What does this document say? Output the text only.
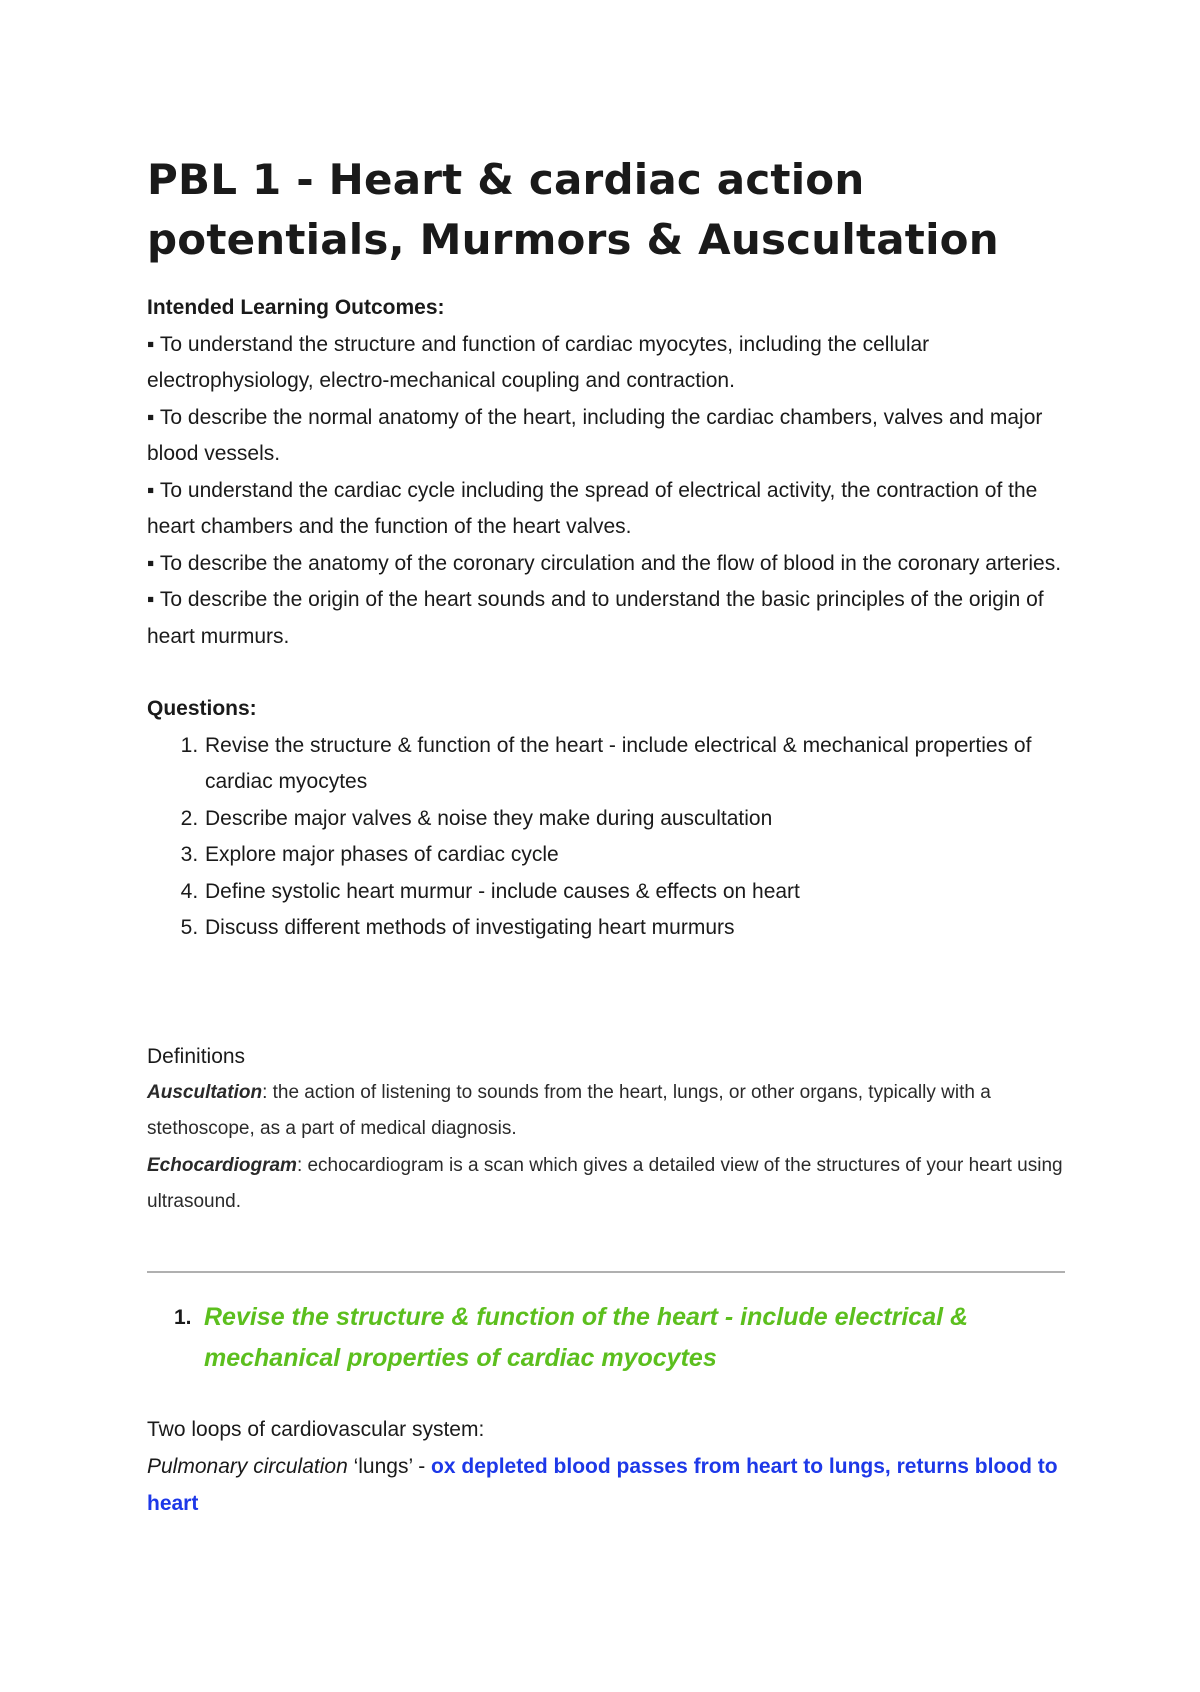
PBL 1 - Heart & cardiac action potentials, Murmors & Auscultation
Intended Learning Outcomes:
▪ To understand the structure and function of cardiac myocytes, including the cellular electrophysiology, electro-mechanical coupling and contraction.
▪ To describe the normal anatomy of the heart, including the cardiac chambers, valves and major blood vessels.
▪ To understand the cardiac cycle including the spread of electrical activity, the contraction of the heart chambers and the function of the heart valves.
▪ To describe the anatomy of the coronary circulation and the flow of blood in the coronary arteries.
▪ To describe the origin of the heart sounds and to understand the basic principles of the origin of heart murmurs.
Questions:
1. Revise the structure & function of the heart - include electrical & mechanical properties of cardiac myocytes
2. Describe major valves & noise they make during auscultation
3. Explore major phases of cardiac cycle
4. Define systolic heart murmur - include causes & effects on heart
5. Discuss different methods of investigating heart murmurs
Definitions
Auscultation: the action of listening to sounds from the heart, lungs, or other organs, typically with a stethoscope, as a part of medical diagnosis.
Echocardiogram: echocardiogram is a scan which gives a detailed view of the structures of your heart using ultrasound.
1. Revise the structure & function of the heart - include electrical & mechanical properties of cardiac myocytes
Two loops of cardiovascular system:
Pulmonary circulation ‘lungs’ - ox depleted blood passes from heart to lungs, returns blood to heart
